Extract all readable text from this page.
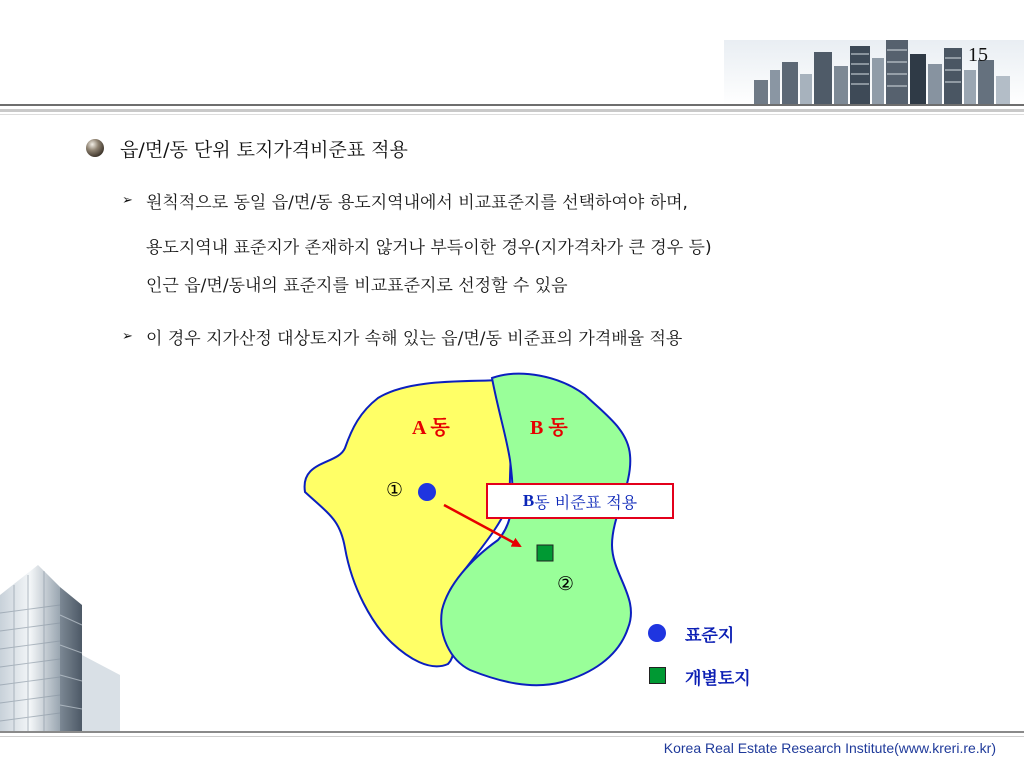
15
읍/면/동 단위 토지가격비준표 적용
➢ 원칙적으로 동일 읍/면/동 용도지역내에서 비교표준지를 선택하여야 하며,
용도지역내 표준지가 존재하지 않거나 부득이한 경우(지가격차가 큰 경우 등)
인근 읍/면/동내의 표준지를 비교표준지로 선정할 수 있음
➢ 이 경우 지가산정 대상토지가 속해 있는 읍/면/동 비준표의 가격배율 적용
A 동	B 동
①
②
B 동 비준표 적용
표준지
개별토지
Korea Real Estate Research Institute(www.kreri.re.kr)
